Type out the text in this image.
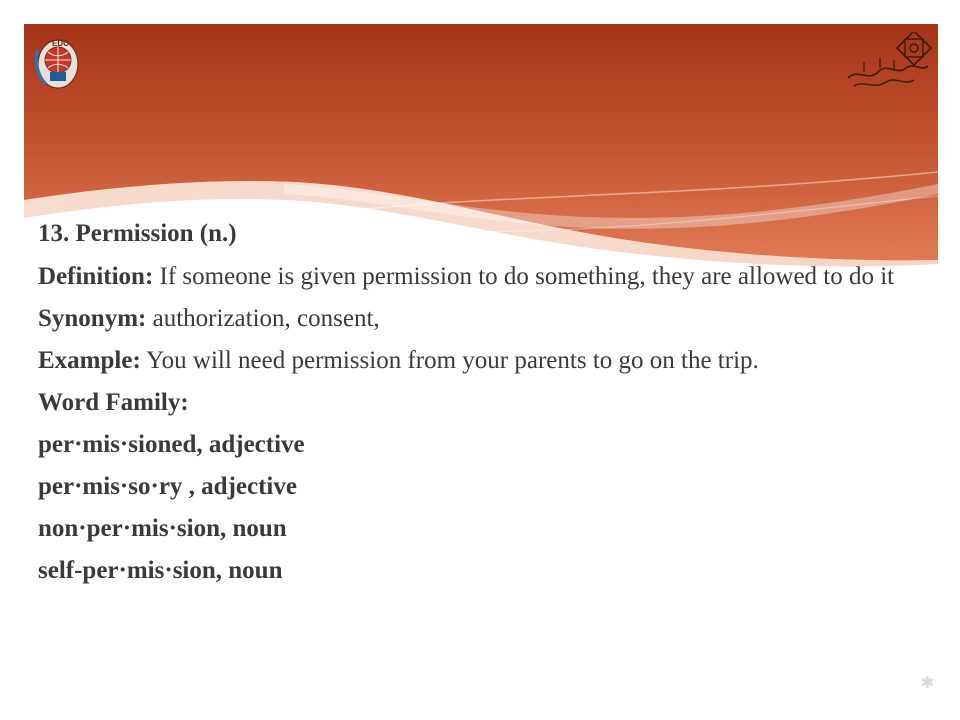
EDC

13. Permission (n.)

Definition: If someone is given permission to do something, they are allowed to do it

Synonym: authorization, consent,

Example: You will need permission from your parents to go on the trip.

Word Family:

per·mis·sioned, adjective

per·mis·so·ry , adjective

non·per·mis·sion, noun

self-per·mis·sion, noun

✱
